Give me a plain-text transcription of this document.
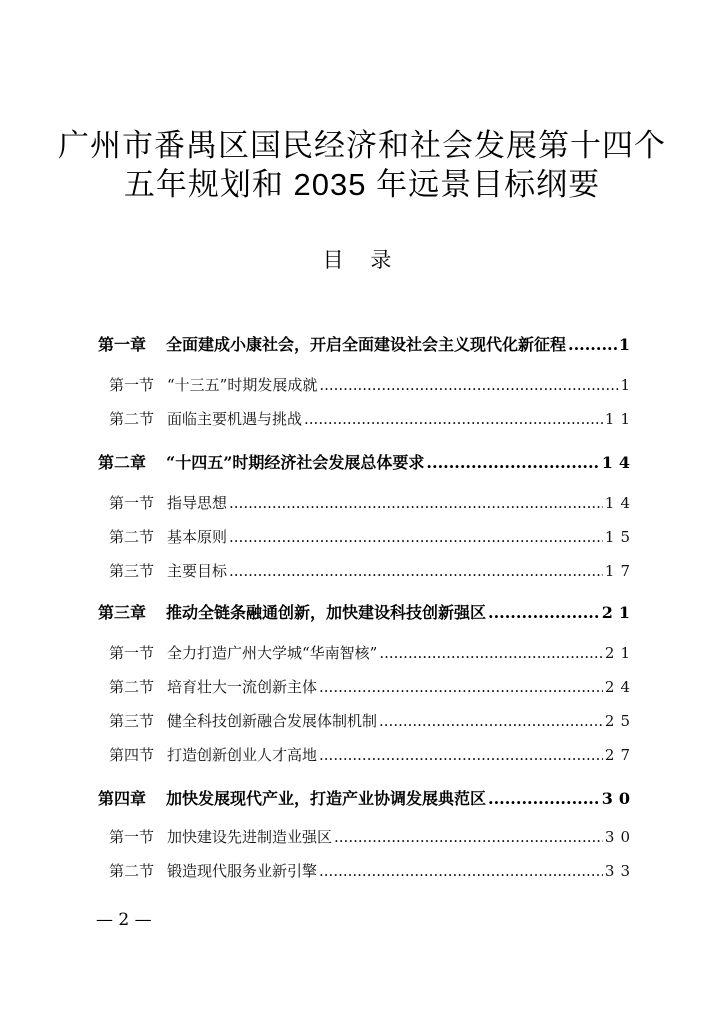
广州市番禺区国民经济和社会发展第十四个
五年规划和 2035 年远景目标纲要
目 录
第一章	全面建成小康社会，开启全面建设社会主义现代化新征程 .....	1
第一节 “十三五”时期发展成就 .....	1
第二节 面临主要机遇与挑战 .....	11
第二章	“十四五”时期经济社会发展总体要求 .....	14
第一节 指导思想 .....	14
第二节 基本原则 .....	15
第三节 主要目标 .....	17
第三章	推动全链条融通创新，加快建设科技创新强区 .....	21
第一节 全力打造广州大学城“华南智核” .....	21
第二节 培育壮大一流创新主体 .....	24
第三节 健全科技创新融合发展体制机制 .....	25
第四节 打造创新创业人才高地 .....	27
第四章	加快发展现代产业，打造产业协调发展典范区 .....	30
第一节 加快建设先进制造业强区 .....	30
第二节 锻造现代服务业新引擎 .....	33
— 2 —
